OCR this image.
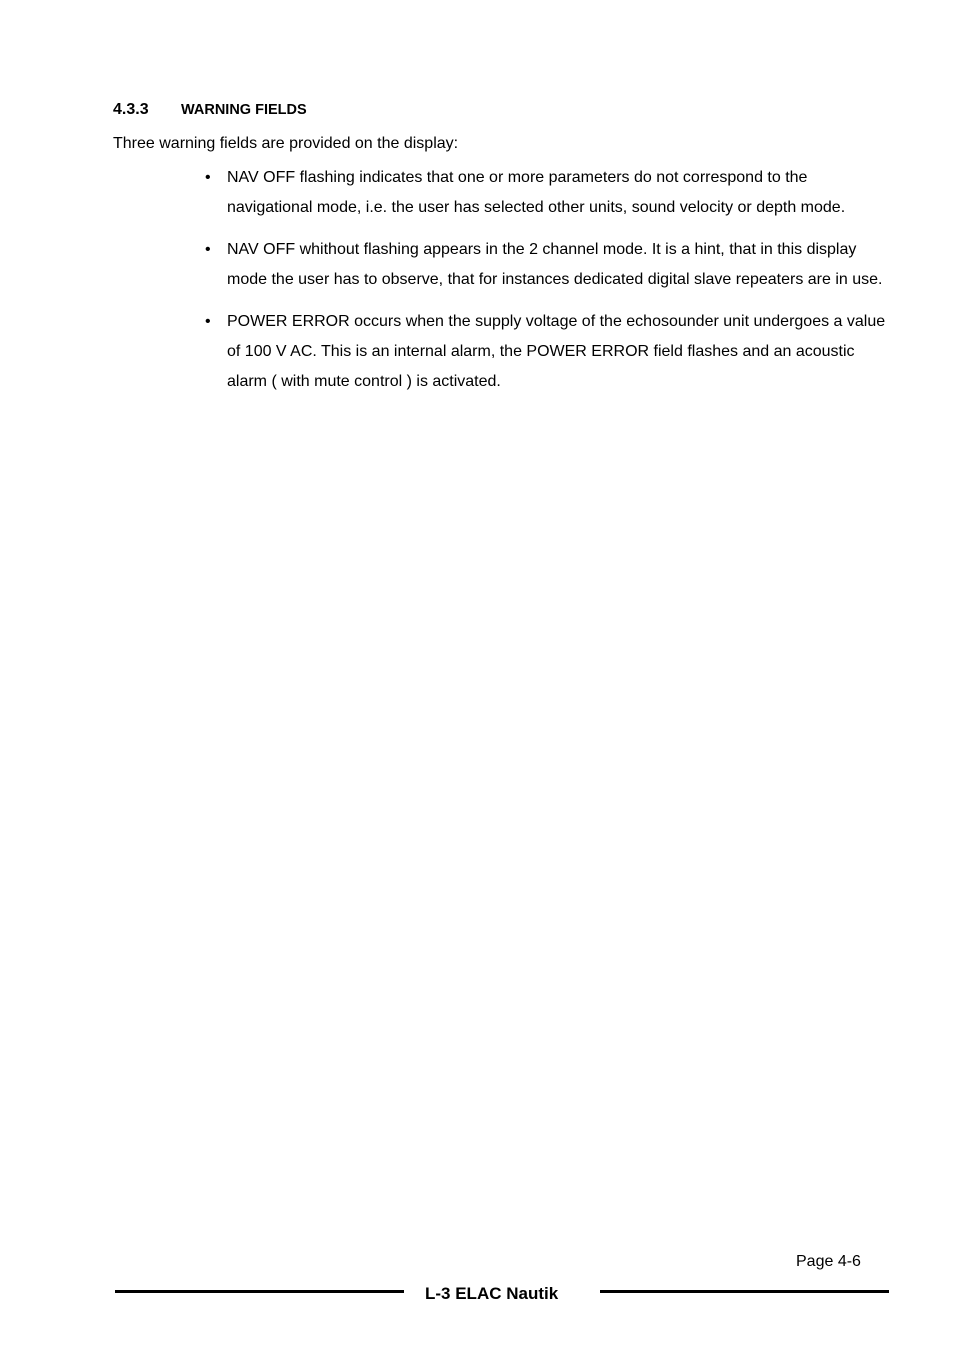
4.3.3 WARNING FIELDS
Three warning fields are provided on the display:
• NAV OFF flashing indicates that one or more parameters do not correspond to the navigational mode, i.e. the user has selected other units, sound velocity or depth mode.
• NAV OFF whithout flashing appears in the 2 channel mode. It is a hint, that in this display mode the user has to observe, that for instances dedicated digital slave repeaters are in use.
• POWER ERROR occurs when the supply voltage of the echosounder unit undergoes a value of 100 V AC. This is an internal alarm, the POWER ERROR field flashes and an acoustic alarm ( with mute control ) is activated.
Page 4-6
L-3 ELAC Nautik
